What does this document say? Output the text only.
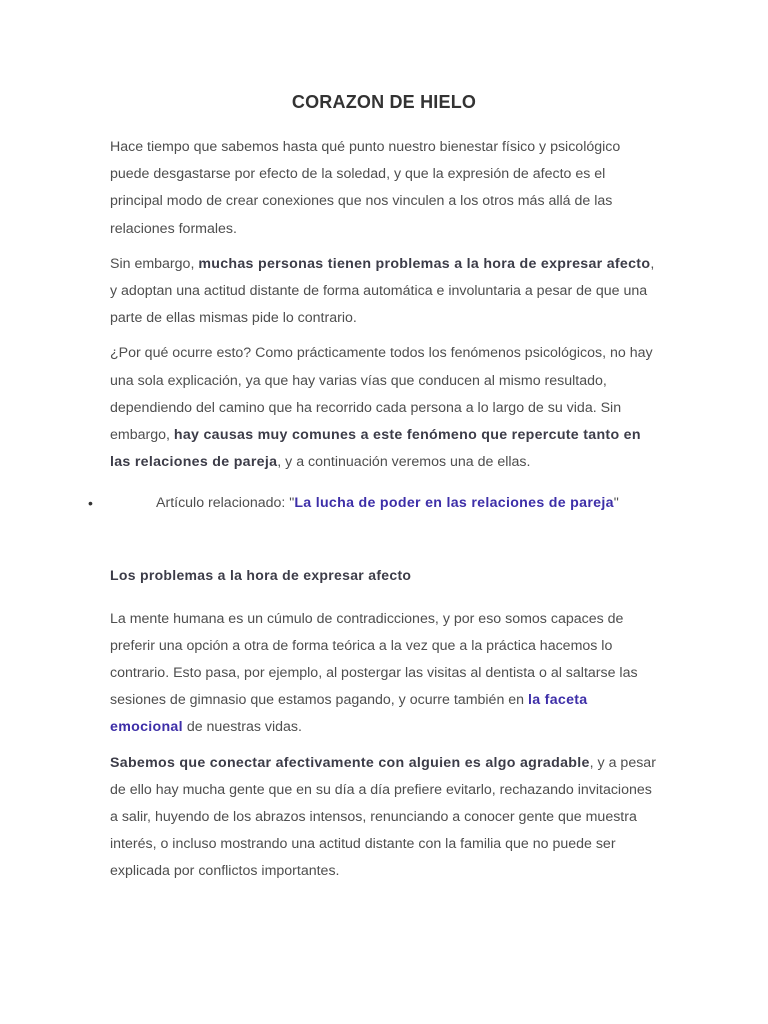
CORAZON DE HIELO

Hace tiempo que sabemos hasta qué punto nuestro bienestar físico y psicológico puede desgastarse por efecto de la soledad, y que la expresión de afecto es el principal modo de crear conexiones que nos vinculen a los otros más allá de las relaciones formales.

Sin embargo, muchas personas tienen problemas a la hora de expresar afecto, y adoptan una actitud distante de forma automática e involuntaria a pesar de que una parte de ellas mismas pide lo contrario.

¿Por qué ocurre esto? Como prácticamente todos los fenómenos psicológicos, no hay una sola explicación, ya que hay varias vías que conducen al mismo resultado, dependiendo del camino que ha recorrido cada persona a lo largo de su vida. Sin embargo, hay causas muy comunes a este fenómeno que repercute tanto en las relaciones de pareja, y a continuación veremos una de ellas.

•	Artículo relacionado: "La lucha de poder en las relaciones de pareja"

Los problemas a la hora de expresar afecto

La mente humana es un cúmulo de contradicciones, y por eso somos capaces de preferir una opción a otra de forma teórica a la vez que a la práctica hacemos lo contrario. Esto pasa, por ejemplo, al postergar las visitas al dentista o al saltarse las sesiones de gimnasio que estamos pagando, y ocurre también en la faceta emocional de nuestras vidas.

Sabemos que conectar afectivamente con alguien es algo agradable, y a pesar de ello hay mucha gente que en su día a día prefiere evitarlo, rechazando invitaciones a salir, huyendo de los abrazos intensos, renunciando a conocer gente que muestra interés, o incluso mostrando una actitud distante con la familia que no puede ser explicada por conflictos importantes.
